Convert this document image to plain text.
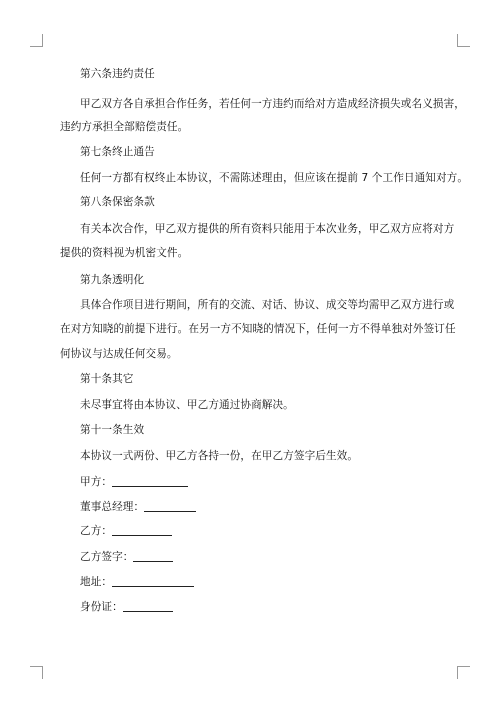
第六条违约责任
甲乙双方各自承担合作任务，若任何一方违约而给对方造成经济损失或名义损害，
违约方承担全部赔偿责任。
第七条终止通告
任何一方都有权终止本协议，不需陈述理由，但应该在提前 7 个工作日通知对方。
第八条保密条款
有关本次合作，甲乙双方提供的所有资料只能用于本次业务，甲乙双方应将对方
提供的资料视为机密文件。
第九条透明化
具体合作项目进行期间，所有的交流、对话、协议、成交等均需甲乙双方进行或
在对方知晓的前提下进行。在另一方不知晓的情况下，任何一方不得单独对外签订任
何协议与达成任何交易。
第十条其它
未尽事宜将由本协议、甲乙方通过协商解决。
第十一条生效
本协议一式两份、甲乙方各持一份，在甲乙方签字后生效。
甲方：
董事总经理：
乙方：
乙方签字：
地址：
身份证：
